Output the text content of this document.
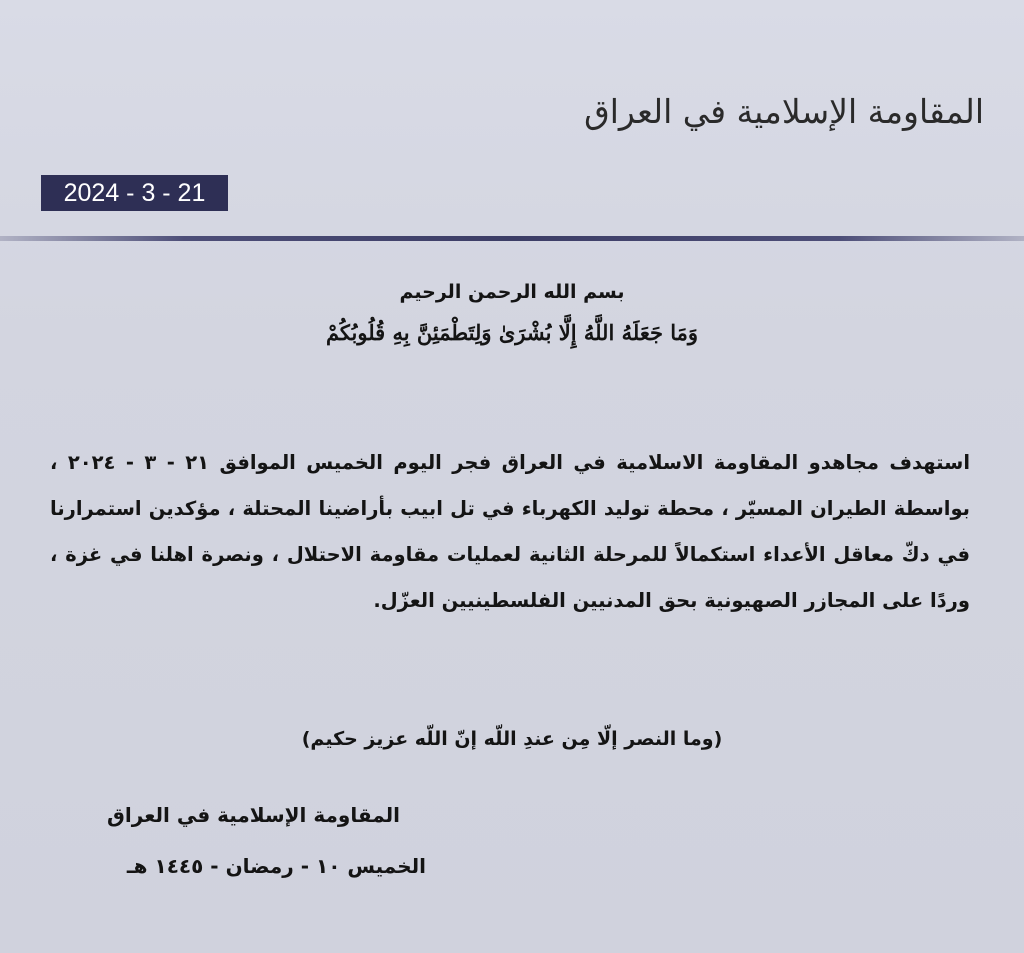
المقاومة الإسلامية في العراق
2024 - 3 - 21
بسم الله الرحمن الرحيم
وَمَا جَعَلَهُ اللَّهُ إِلَّا بُشْرَىٰ وَلِتَطْمَئِنَّ بِهِ قُلُوبُكُمْ

استهدف مجاهدو المقاومة الاسلامية في العراق فجر اليوم الخميس الموافق ٢١ - ٣ - ٢٠٢٤ ، بواسطة الطيران المسيّر ، محطة توليد الكهرباء في تل ابيب بأراضينا المحتلة ، مؤكدين استمرارنا في دكّ معاقل الأعداء استكمالاً للمرحلة الثانية لعمليات مقاومة الاحتلال ، ونصرة اهلنا في غزة ، وردًا على المجازر الصهيونية بحق المدنيين الفلسطينيين العزّل.

(وما النصر إلّا مِن عندِ اللّه إنّ اللّه عزيز حكيم)
المقاومة الإسلامية في العراق
الخميس ١٠ - رمضان - ١٤٤٥ هـ
